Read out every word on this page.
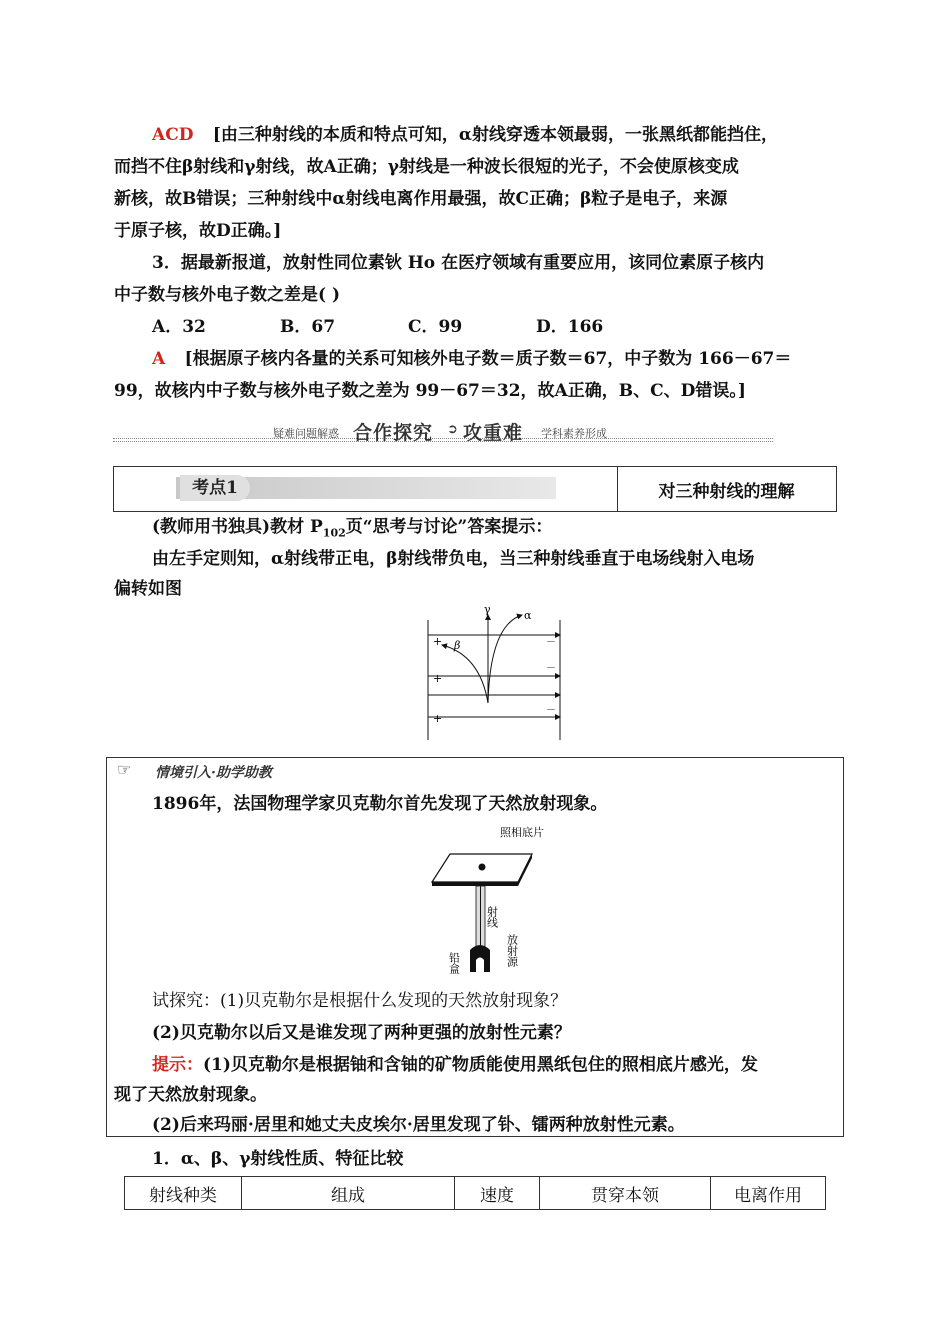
ACD [由三种射线的本质和特点可知，α射线穿透本领最弱，一张黑纸都能挡住，
而挡不住β射线和γ射线，故A正确；γ射线是一种波长很短的光子，不会使原核变成
新核，故B错误；三种射线中α射线电离作用最强，故C正确；β粒子是电子，来源
于原子核，故D正确。]
3．据最新报道，放射性同位素钬 Ho 在医疗领域有重要应用，该同位素原子核内
中子数与核外电子数之差是( )
A．32	B．67	C．99	D．166
A [根据原子核内各量的关系可知核外电子数＝质子数＝67，中子数为 166－67＝
99，故核内中子数与核外电子数之差为 99－67＝32，故A正确，B、C、D错误。]
疑难问题解惑 合作探究 ➲ 攻重难 学科素养形成
考点1	对三种射线的理解
(教师用书独具)教材 $P_{102}$页“思考与讨论”答案提示：
由左手定则知，α射线带正电，β射线带负电，当三种射线垂直于电场线射入电场
偏转如图
γ	α
β
+
+
+
－
－
－
☞ 情境引入·助学助教
1896年，法国物理学家贝克勒尔首先发现了天然放射现象。
照相底片
射线
放射源
铅盒
试探究：(1)贝克勒尔是根据什么发现的天然放射现象？
(2)贝克勒尔以后又是谁发现了两种更强的放射性元素？
提示：(1)贝克勒尔是根据铀和含铀的矿物质能使用黑纸包住的照相底片感光，发
现了天然放射现象。
(2)后来玛丽·居里和她丈夫皮埃尔·居里发现了钋、镭两种放射性元素。
1．α、β、γ射线性质、特征比较
射线种类	组成	速度	贯穿本领	电离作用
